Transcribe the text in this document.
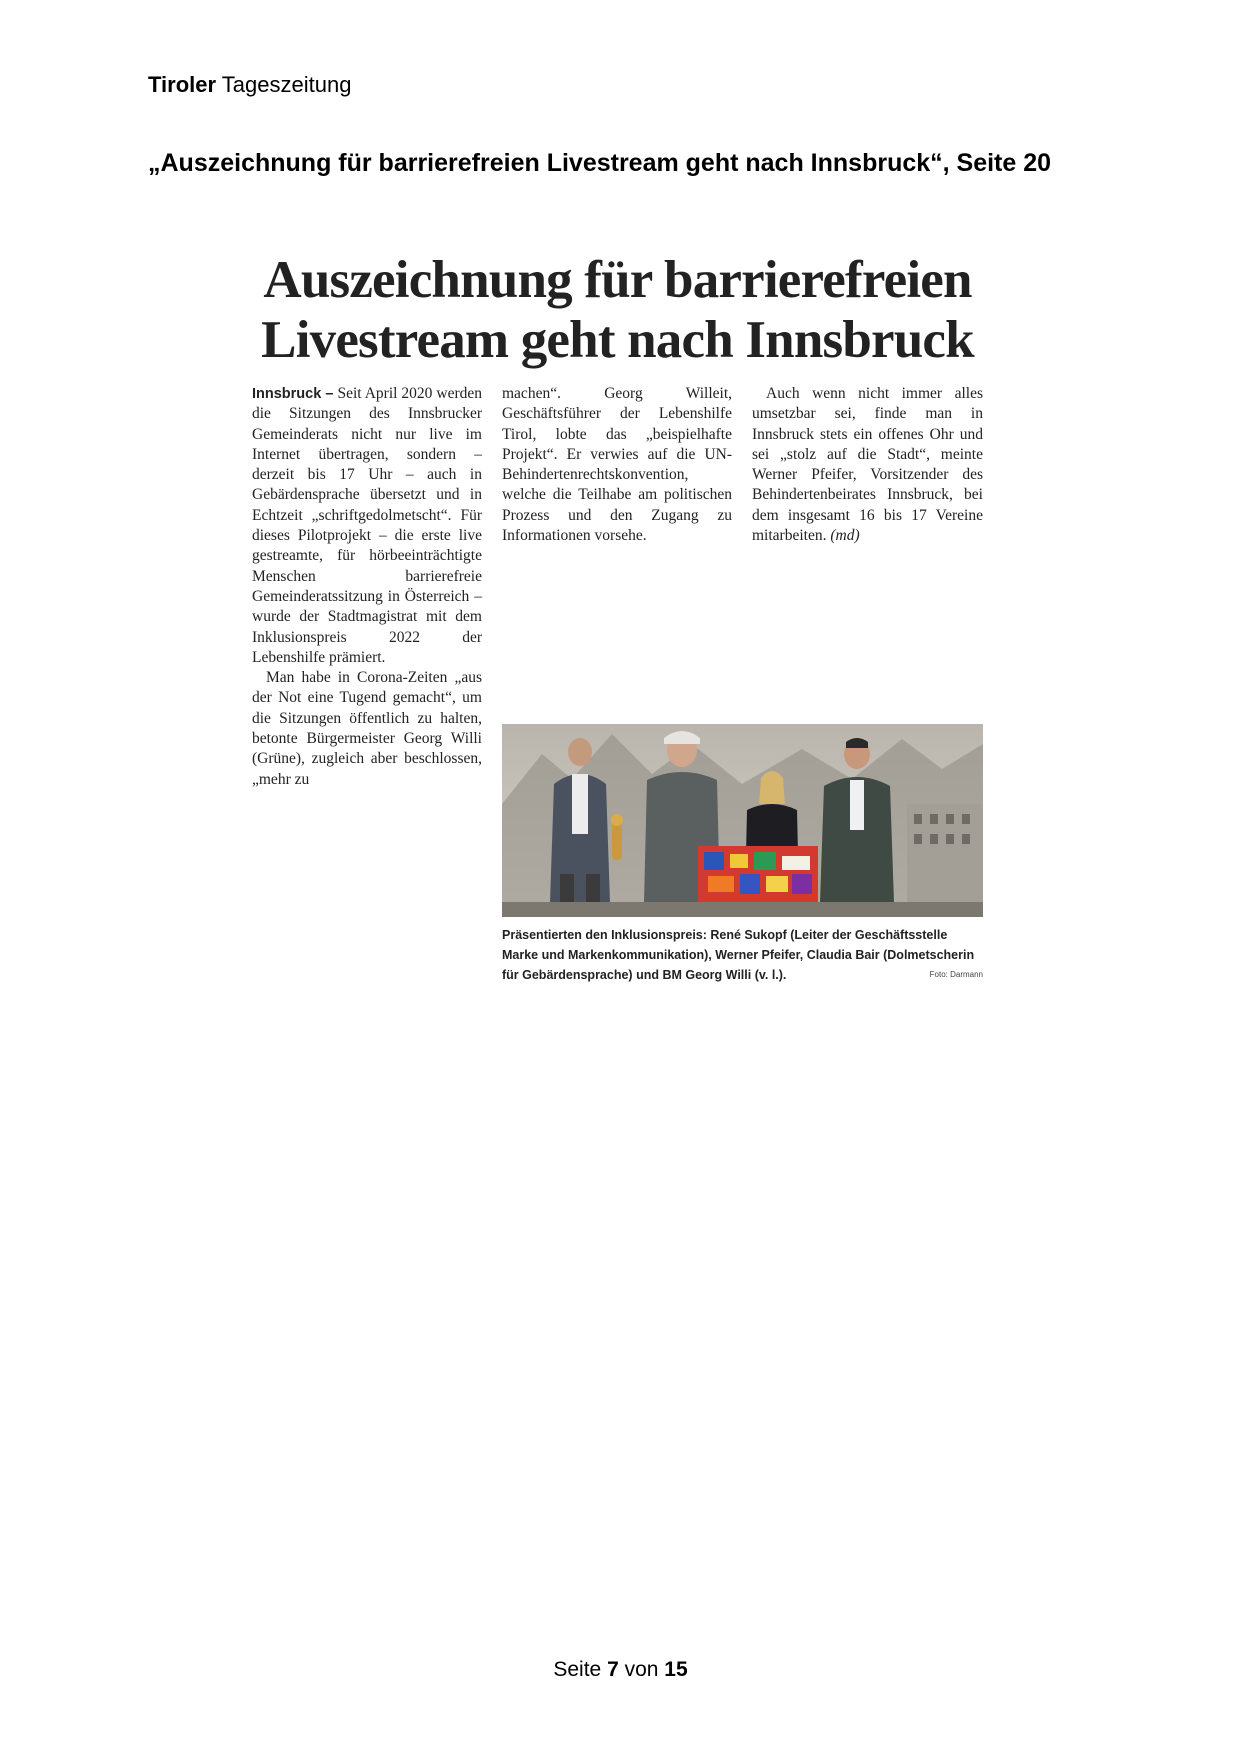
Tiroler Tageszeitung
„Auszeichnung für barrierefreien Livestream geht nach Innsbruck“, Seite 20
Auszeichnung für barrierefreien Livestream geht nach Innsbruck

Innsbruck – Seit April 2020 werden die Sitzungen des Innsbrucker Gemeinderats nicht nur live im Internet übertragen, sondern – derzeit bis 17 Uhr – auch in Gebärdensprache übersetzt und in Echtzeit „schriftgedolmetscht“. Für dieses Pilotprojekt – die erste live gestreamte, für hörbeeinträchtigte Menschen barrierefreie Gemeinderatssitzung in Österreich – wurde der Stadtmagistrat mit dem Inklusionspreis 2022 der Lebenshilfe prämiert.

Man habe in Corona-Zeiten „aus der Not eine Tugend gemacht“, um die Sitzungen öffentlich zu halten, betonte Bürgermeister Georg Willi (Grüne), zugleich aber beschlossen, „mehr zu

machen“. Georg Willeit, Geschäftsführer der Lebenshilfe Tirol, lobte das „beispielhafte Projekt“. Er verwies auf die UN-Behindertenrechtskonvention, welche die Teilhabe am politischen Prozess und den Zugang zu Informationen vorsehe.

Auch wenn nicht immer alles umsetzbar sei, finde man in Innsbruck stets ein offenes Ohr und sei „stolz auf die Stadt“, meinte Werner Pfeifer, Vorsitzender des Behindertenbeirates Innsbruck, bei dem insgesamt 16 bis 17 Vereine mitarbeiten. (md)

Präsentierten den Inklusionspreis: René Sukopf (Leiter der Geschäftsstelle Marke und Markenkommunikation), Werner Pfeifer, Claudia Bair (Dolmetscherin für Gebärdensprache) und BM Georg Willi (v. l.).	Foto: Darmann
Seite 7 von 15
